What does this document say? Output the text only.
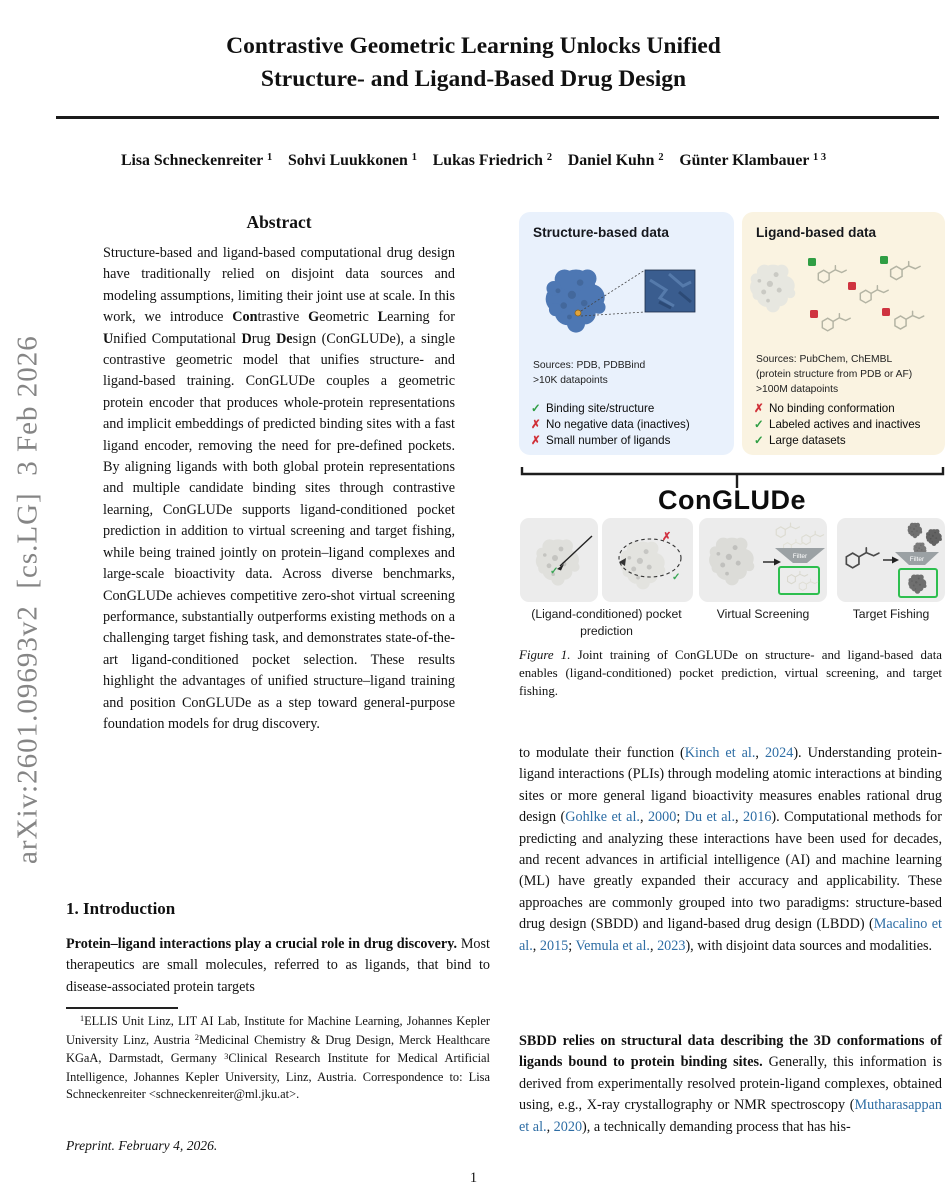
arXiv:2601.09693v2  [cs.LG]  3 Feb 2026
Contrastive Geometric Learning Unlocks Unified
Structure- and Ligand-Based Drug Design
Lisa Schneckenreiter $^1$ Sohvi Luukkonen $^1$ Lukas Friedrich $^2$ Daniel Kuhn $^2$ Günter Klambauer $^{1 3}$
Abstract
Structure-based and ligand-based computational drug design have traditionally relied on disjoint data sources and modeling assumptions, limiting their joint use at scale. In this work, we introduce Contrastive Geometric Learning for Unified Computational Drug Design (ConGLUDe), a single contrastive geometric model that unifies structure- and ligand-based training. ConGLUDe couples a geometric protein encoder that produces whole-protein representations and implicit embeddings of predicted binding sites with a fast ligand encoder, removing the need for pre-defined pockets. By aligning ligands with both global protein representations and multiple candidate binding sites through contrastive learning, ConGLUDe supports ligand-conditioned pocket prediction in addition to virtual screening and target fishing, while being trained jointly on protein–ligand complexes and large-scale bioactivity data. Across diverse benchmarks, ConGLUDe achieves competitive zero-shot virtual screening performance, substantially outperforms existing methods on a challenging target fishing task, and demonstrates state-of-the-art ligand-conditioned pocket selection. These results highlight the advantages of unified structure–ligand training and position ConGLUDe as a step toward general-purpose foundation models for drug discovery.
1. Introduction
Protein–ligand interactions play a crucial role in drug discovery. Most therapeutics are small molecules, referred to as ligands, that bind to disease-associated protein targets
$^1$ELLIS Unit Linz, LIT AI Lab, Institute for Machine Learning, Johannes Kepler University Linz, Austria $^2$Medicinal Chemistry & Drug Design, Merck Healthcare KGaA, Darmstadt, Germany $^3$Clinical Research Institute for Medical Artificial Intelligence, Johannes Kepler University, Linz, Austria. Correspondence to: Lisa Schneckenreiter <schneckenreiter@ml.jku.at>.
Preprint. February 4, 2026.
Structure-based data
Sources: PDB, PDBBind
>10K datapoints
✓ Binding site/structure
✗ No negative data (inactives)
✗ Small number of ligands
Ligand-based data
Sources: PubChem, ChEMBL
(protein structure from PDB or AF)
>100M datapoints
✗ No binding conformation
✓ Labeled actives and inactives
✓ Large datasets
ConGLUDe
✓
✗
✓
Filter	Filter
(Ligand-conditioned) pocket prediction
Virtual Screening	Target Fishing
Figure 1. Joint training of ConGLUDe on structure- and ligand-based data enables (ligand-conditioned) pocket prediction, virtual screening, and target fishing.
to modulate their function (Kinch et al., 2024). Understanding protein-ligand interactions (PLIs) through modeling atomic interactions at binding sites or more general ligand bioactivity measures enables rational drug design (Gohlke et al., 2000; Du et al., 2016). Computational methods for predicting and analyzing these interactions have been used for decades, and recent advances in artificial intelligence (AI) and machine learning (ML) have greatly expanded their accuracy and applicability. These approaches are commonly grouped into two paradigms: structure-based drug design (SBDD) and ligand-based drug design (LBDD) (Macalino et al., 2015; Vemula et al., 2023), with disjoint data sources and modalities.
SBDD relies on structural data describing the 3D conformations of ligands bound to protein binding sites. Generally, this information is derived from experimentally resolved protein-ligand complexes, obtained using, e.g., X-ray crystallography or NMR spectroscopy (Mutharasappan et al., 2020), a technically demanding process that has his-
1
